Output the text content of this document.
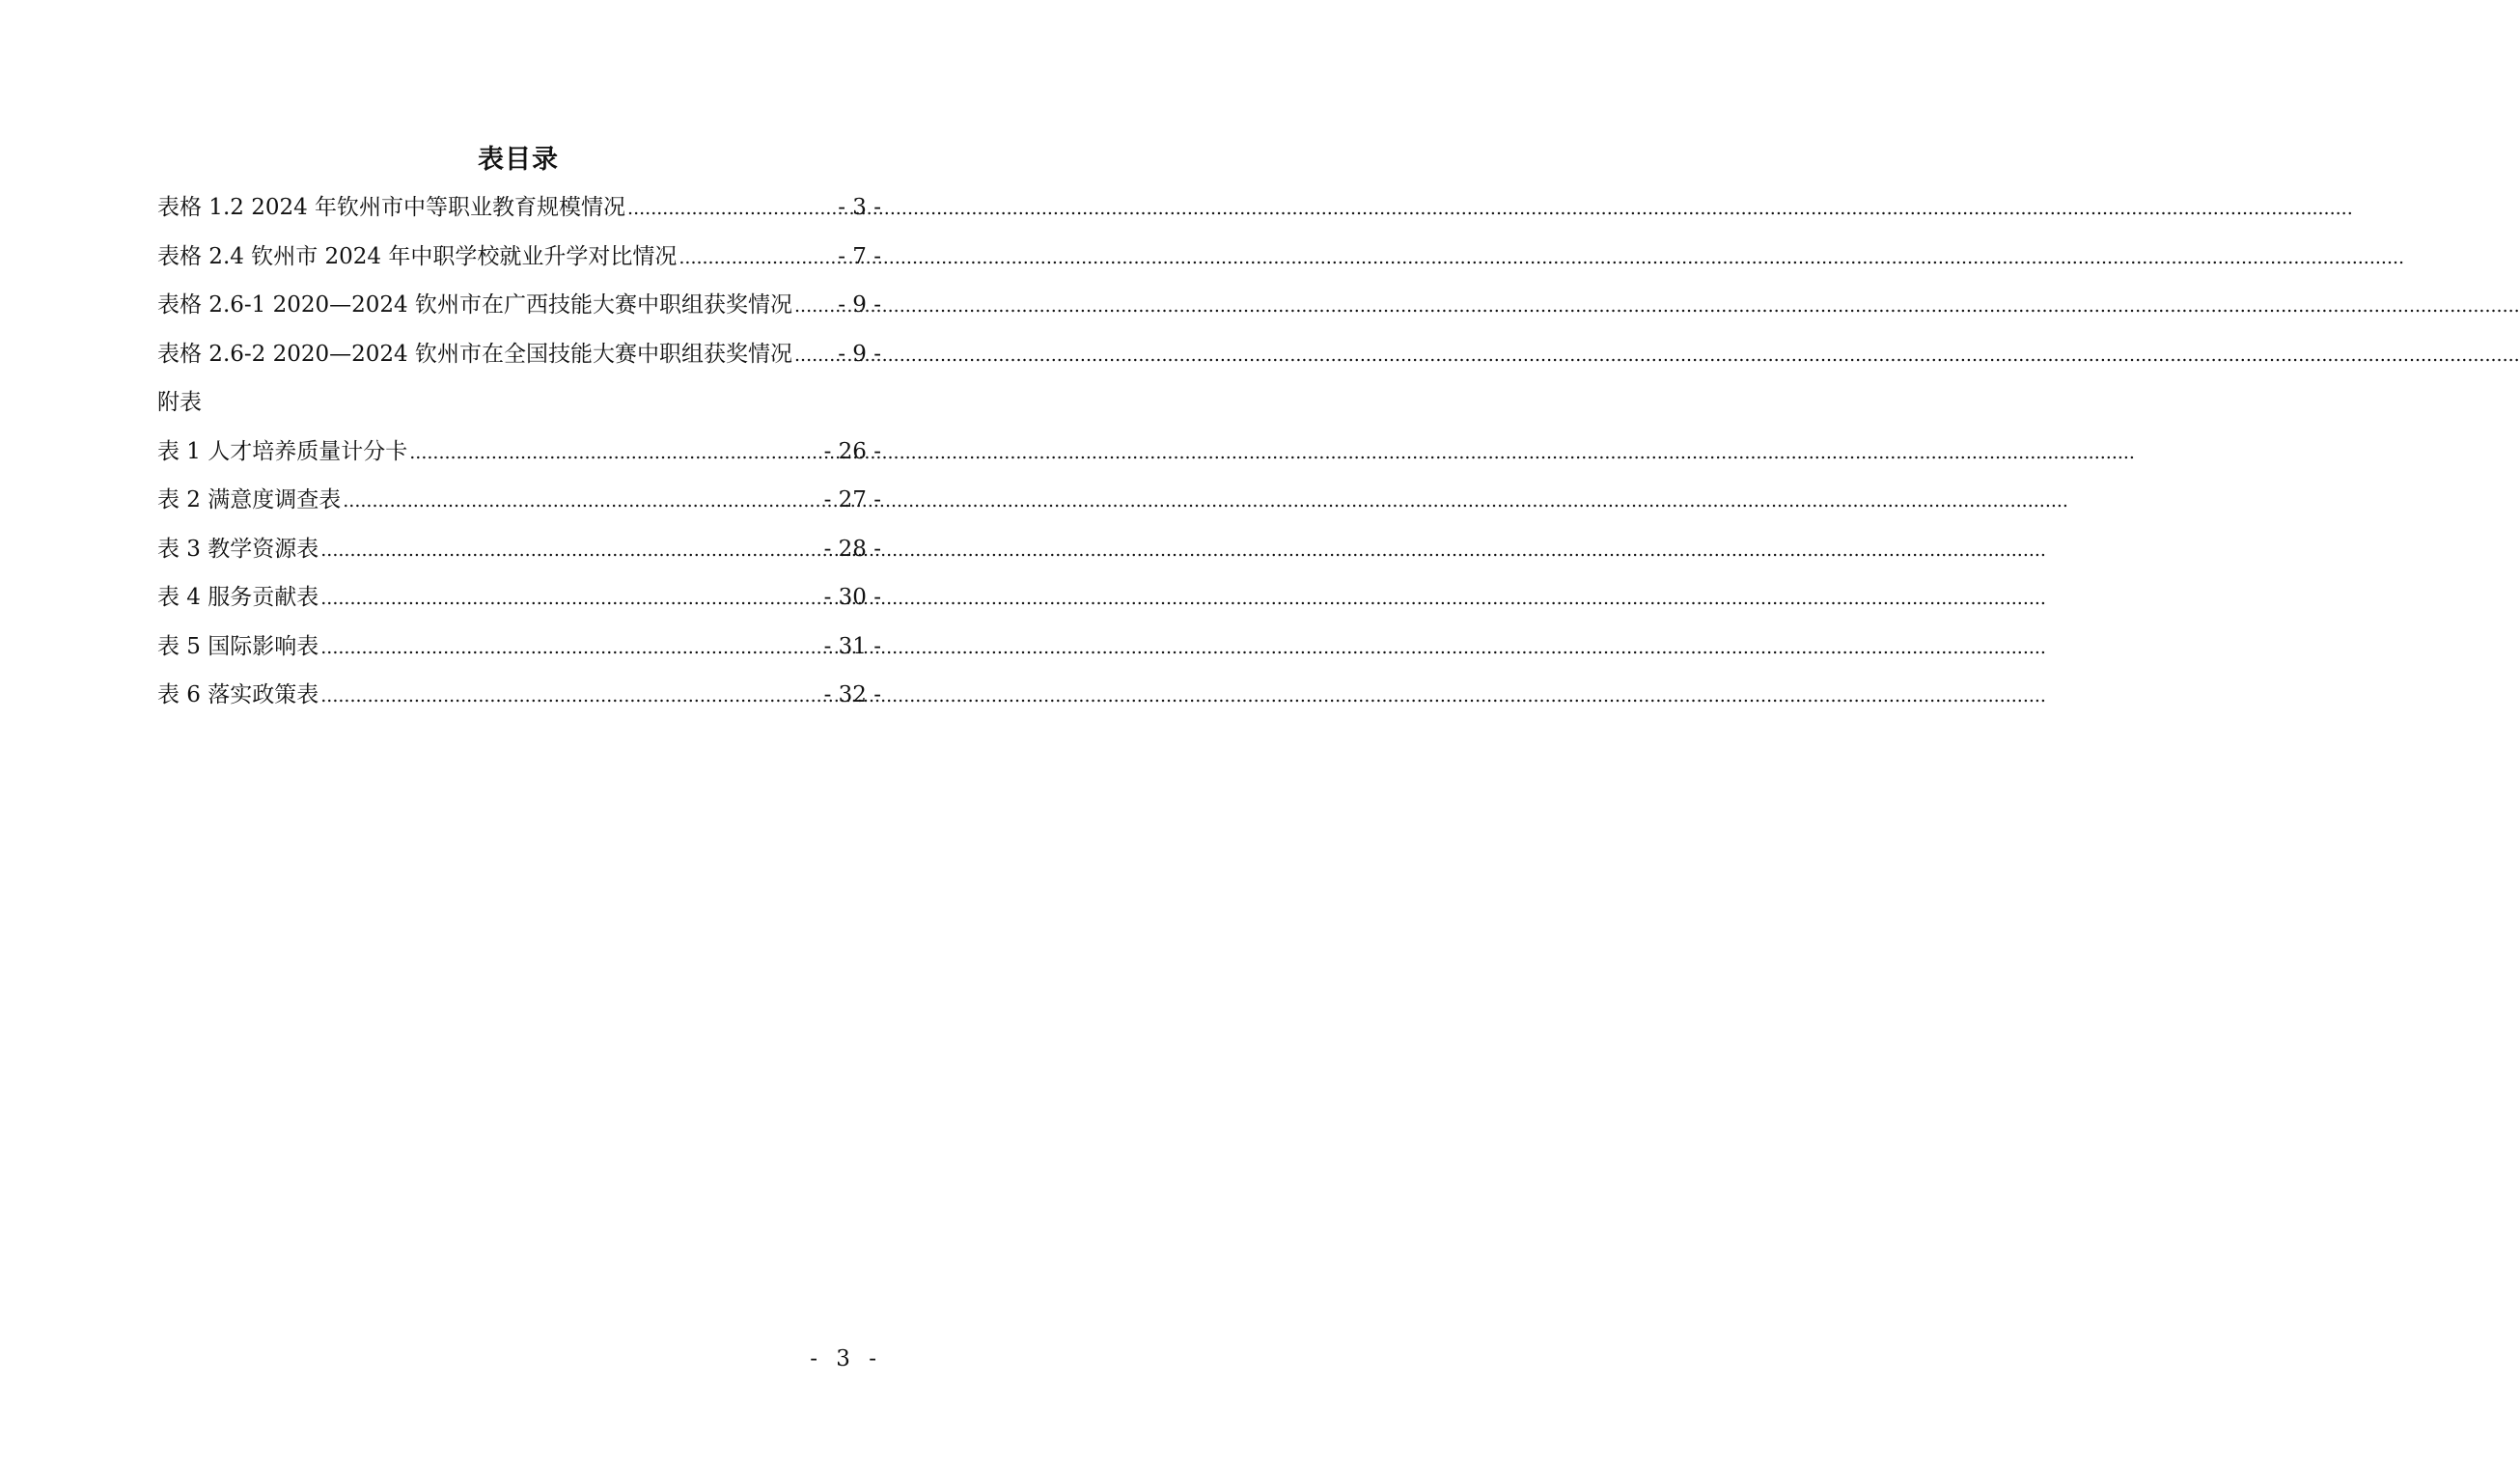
表目录
表格 1.2 2024 年钦州市中等职业教育规模情况 .....	- 3 -
表格 2.4 钦州市 2024 年中职学校就业升学对比情况 .....	- 7 -
表格 2.6-1 2020—2024 钦州市在广西技能大赛中职组获奖情况 ..... - 9 -
表格 2.6-2 2020—2024 钦州市在全国技能大赛中职组获奖情况 ..... - 9 -
附表
表 1 人才培养质量计分卡 .....	- 26 -
表 2 满意度调查表 .....	- 27 -
表 3 教学资源表 .....	- 28 -
表 4 服务贡献表 .....	- 30 -
表 5 国际影响表 .....	- 31 -
表 6 落实政策表 .....	- 32 -
- 3 -
